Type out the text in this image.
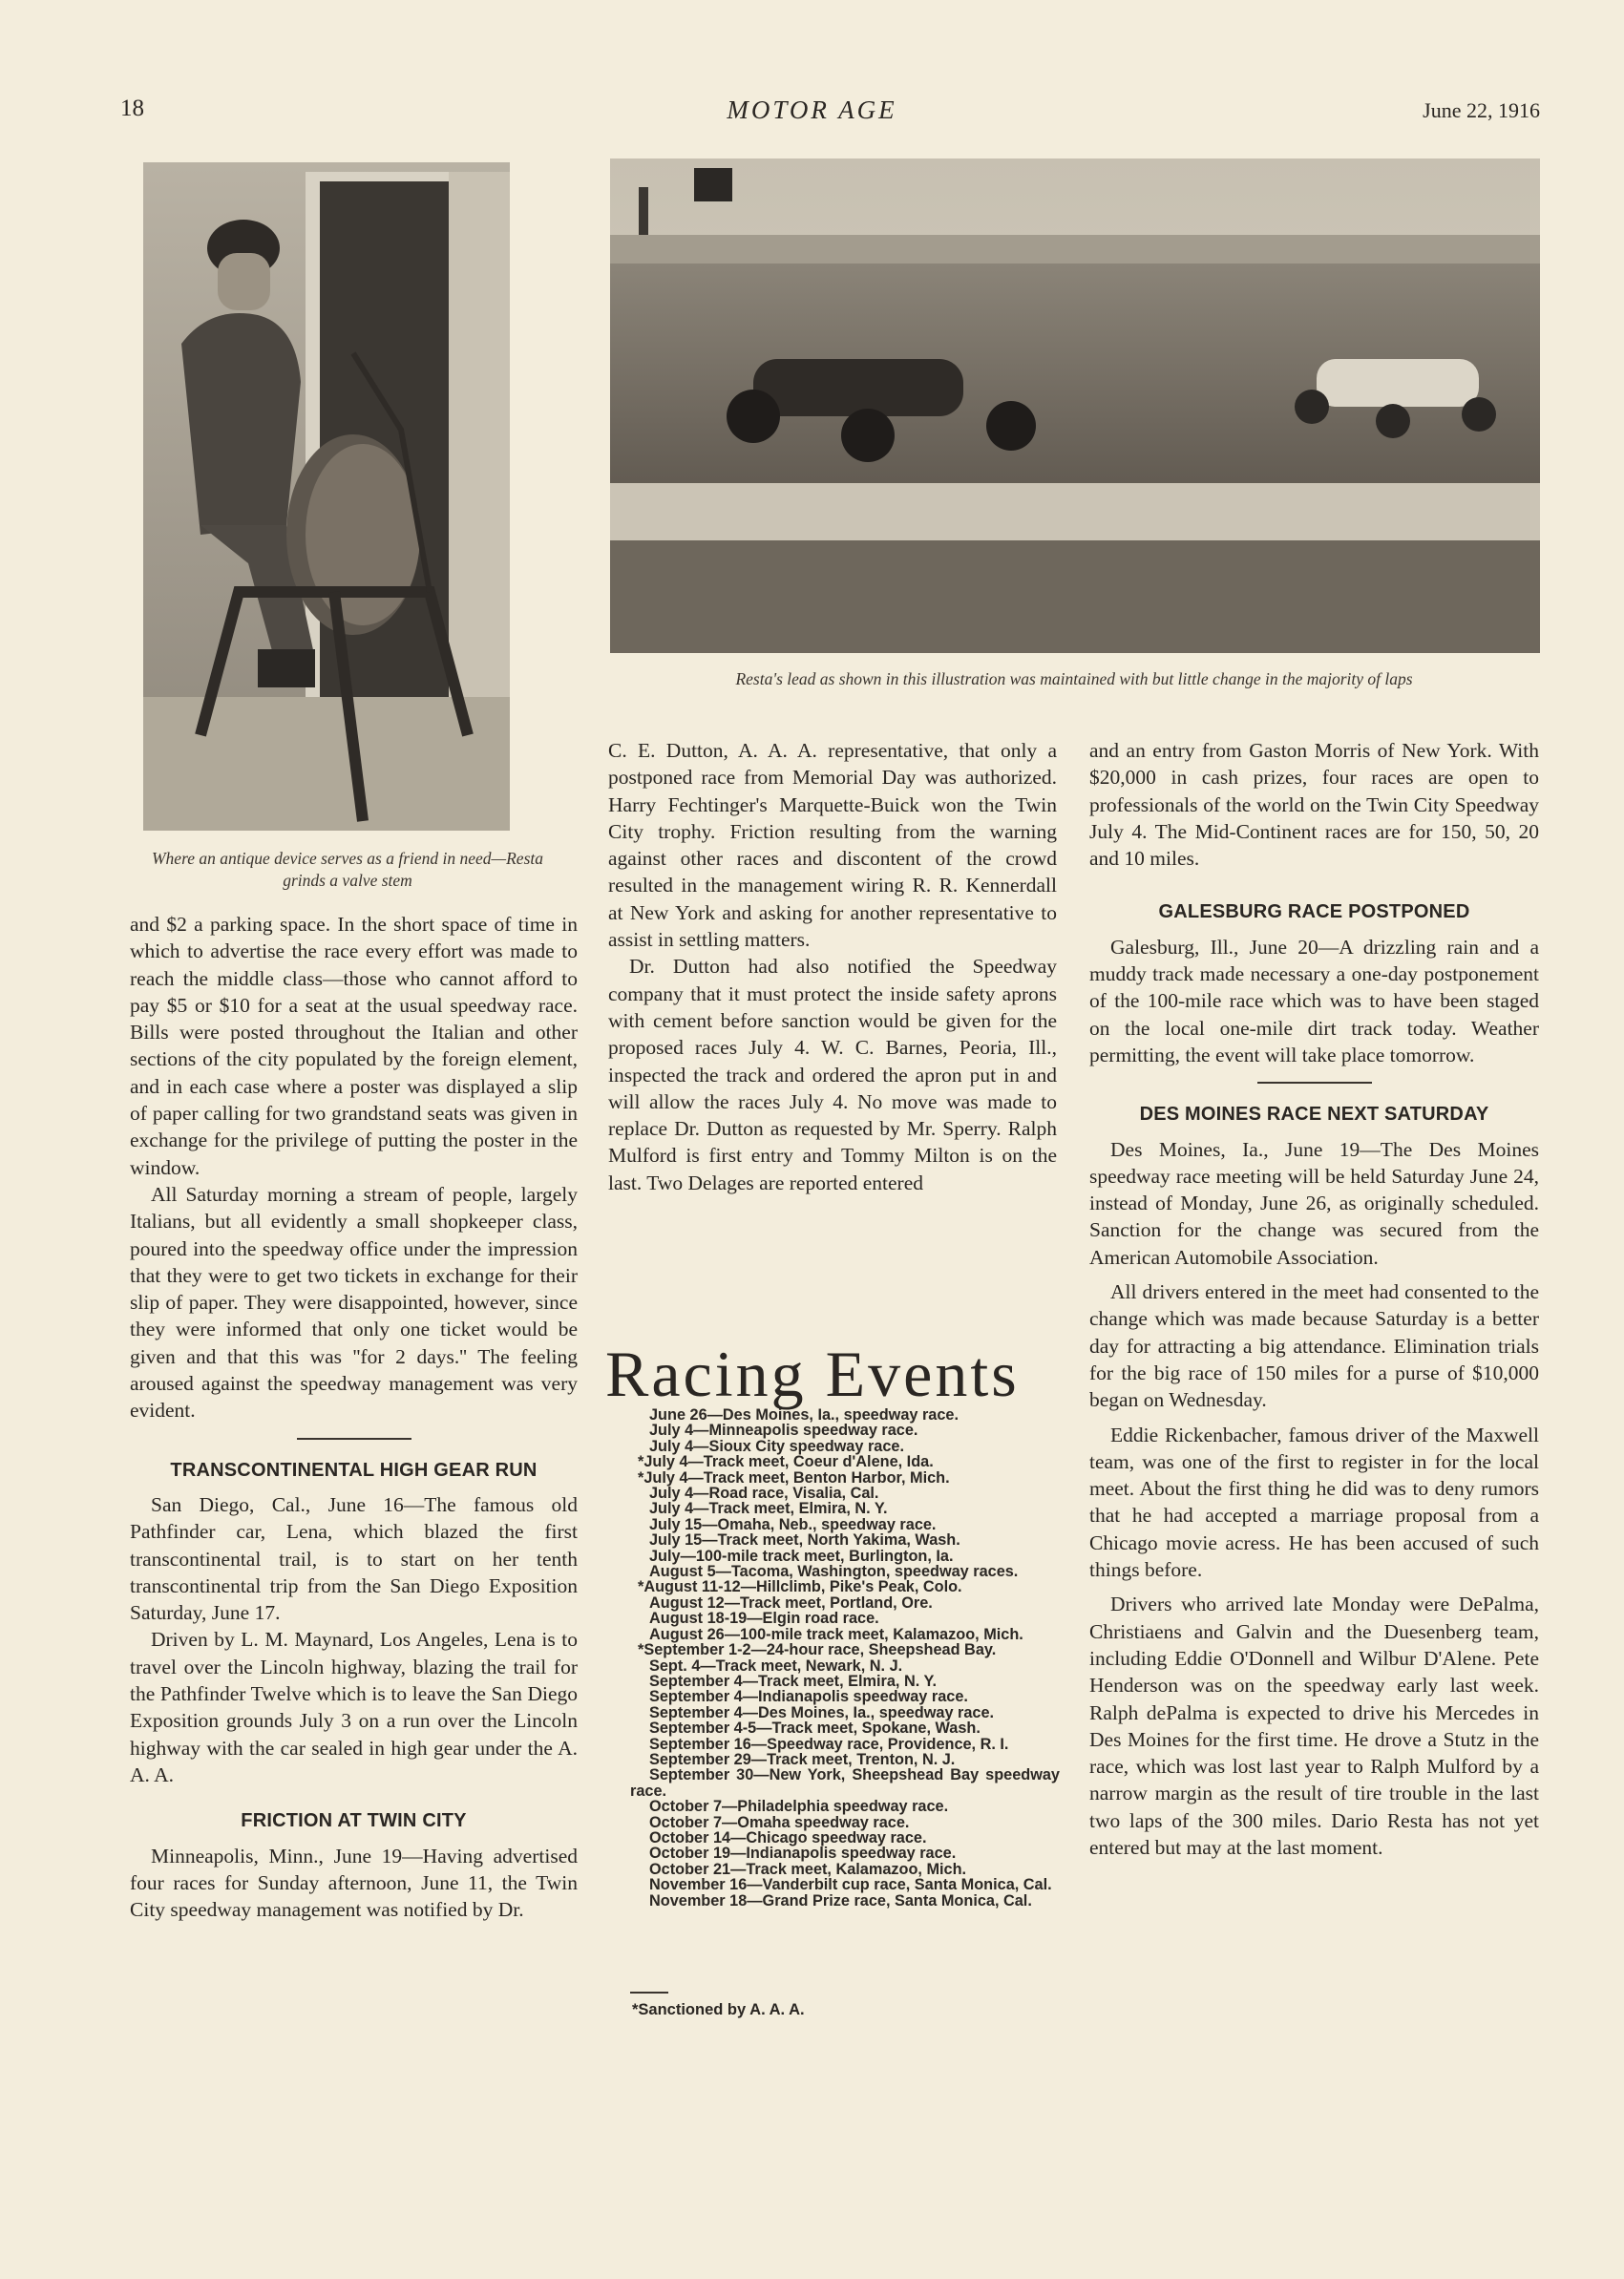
18	MOTOR AGE	June 22, 1916
Where an antique device serves as a friend in need—Resta grinds a valve stem
Resta's lead as shown in this illustration was maintained with but little change in the majority of laps

and $2 a parking space. In the short space of time in which to advertise the race every effort was made to reach the middle class—those who cannot afford to pay $5 or $10 for a seat at the usual speedway race. Bills were posted throughout the Italian and other sections of the city populated by the foreign element, and in each case where a poster was displayed a slip of paper calling for two grandstand seats was given in exchange for the privilege of putting the poster in the window.

All Saturday morning a stream of people, largely Italians, but all evidently a small shopkeeper class, poured into the speedway office under the impression that they were to get two tickets in exchange for their slip of paper. They were disappointed, however, since they were informed that only one ticket would be given and that this was ''for 2 days.'' The feeling aroused against the speedway management was very evident.

TRANSCONTINENTAL HIGH GEAR RUN

San Diego, Cal., June 16—The famous old Pathfinder car, Lena, which blazed the first transcontinental trail, is to start on her tenth transcontinental trip from the San Diego Exposition Saturday, June 17.

Driven by L. M. Maynard, Los Angeles, Lena is to travel over the Lincoln highway, blazing the trail for the Pathfinder Twelve which is to leave the San Diego Exposition grounds July 3 on a run over the Lincoln highway with the car sealed in high gear under the A. A. A.

FRICTION AT TWIN CITY

Minneapolis, Minn., June 19—Having advertised four races for Sunday afternoon, June 11, the Twin City speedway management was notified by Dr.

C. E. Dutton, A. A. A. representative, that only a postponed race from Memorial Day was authorized. Harry Fechtinger's Marquette-Buick won the Twin City trophy. Friction resulting from the warning against other races and discontent of the crowd resulted in the management wiring R. R. Kennerdall at New York and asking for another representative to assist in settling matters.

Dr. Dutton had also notified the Speedway company that it must protect the inside safety aprons with cement before sanction would be given for the proposed races July 4. W. C. Barnes, Peoria, Ill., inspected the track and ordered the apron put in and will allow the races July 4. No move was made to replace Dr. Dutton as requested by Mr. Sperry. Ralph Mulford is first entry and Tommy Milton is on the last. Two Delages are reported entered

Racing Events
June 26—Des Moines, Ia., speedway race.
July 4—Minneapolis speedway race.
July 4—Sioux City speedway race.
*July 4—Track meet, Coeur d'Alene, Ida.
*July 4—Track meet, Benton Harbor, Mich.
July 4—Road race, Visalia, Cal.
July 4—Track meet, Elmira, N. Y.
July 15—Omaha, Neb., speedway race.
July 15—Track meet, North Yakima, Wash.
July—100-mile track meet, Burlington, Ia.
August 5—Tacoma, Washington, speedway races.
*August 11-12—Hillclimb, Pike's Peak, Colo.
August 12—Track meet, Portland, Ore.
August 18-19—Elgin road race.
August 26—100-mile track meet, Kalamazoo, Mich.
*September 1-2—24-hour race, Sheepshead Bay.
Sept. 4—Track meet, Newark, N. J.
September 4—Track meet, Elmira, N. Y.
September 4—Indianapolis speedway race.
September 4—Des Moines, Ia., speedway race.
September 4-5—Track meet, Spokane, Wash.
September 16—Speedway race, Providence, R. I.
September 29—Track meet, Trenton, N. J.
September 30—New York, Sheepshead Bay speedway race.
October 7—Philadelphia speedway race.
October 7—Omaha speedway race.
October 14—Chicago speedway race.
October 19—Indianapolis speedway race.
October 21—Track meet, Kalamazoo, Mich.
November 16—Vanderbilt cup race, Santa Monica, Cal.
November 18—Grand Prize race, Santa Monica, Cal.
*Sanctioned by A. A. A.

and an entry from Gaston Morris of New York. With $20,000 in cash prizes, four races are open to professionals of the world on the Twin City Speedway July 4. The Mid-Continent races are for 150, 50, 20 and 10 miles.

GALESBURG RACE POSTPONED

Galesburg, Ill., June 20—A drizzling rain and a muddy track made necessary a one-day postponement of the 100-mile race which was to have been staged on the local one-mile dirt track today. Weather permitting, the event will take place tomorrow.

DES MOINES RACE NEXT SATURDAY

Des Moines, Ia., June 19—The Des Moines speedway race meeting will be held Saturday June 24, instead of Monday, June 26, as originally scheduled. Sanction for the change was secured from the American Automobile Association.

All drivers entered in the meet had consented to the change which was made because Saturday is a better day for attracting a big attendance. Elimination trials for the big race of 150 miles for a purse of $10,000 began on Wednesday.

Eddie Rickenbacher, famous driver of the Maxwell team, was one of the first to register in for the local meet. About the first thing he did was to deny rumors that he had accepted a marriage proposal from a Chicago movie acress. He has been accused of such things before.

Drivers who arrived late Monday were DePalma, Christiaens and Galvin and the Duesenberg team, including Eddie O'Donnell and Wilbur D'Alene. Pete Henderson was on the speedway early last week. Ralph dePalma is expected to drive his Mercedes in Des Moines for the first time. He drove a Stutz in the race, which was lost last year to Ralph Mulford by a narrow margin as the result of tire trouble in the last two laps of the 300 miles. Dario Resta has not yet entered but may at the last moment.
